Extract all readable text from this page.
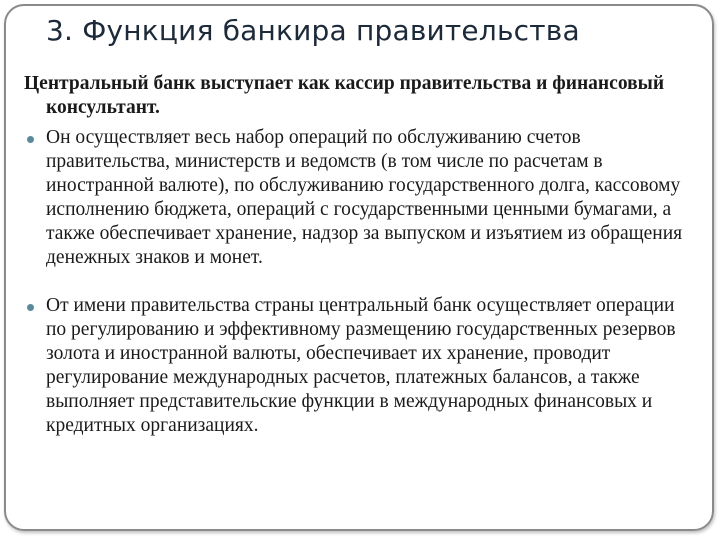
3. Функция банкира правительства

Центральный банк выступает как кассир правительства и финансовый консультант.

Он осуществляет весь набор операций по обслуживанию счетов правительства, министерств и ведомств (в том числе по расчетам в иностранной валюте), по обслуживанию государственного долга, кассовому исполнению бюджета, операций с государственными ценными бумагами, а также обеспечивает хранение, надзор за выпуском и изъятием из обращения денежных знаков и монет.
От имени правительства страны центральный банк осуществляет операции по регулированию и эффективному размещению государственных резервов золота и иностранной валюты, обеспечивает их хранение, проводит регулирование международных расчетов, платежных балансов, а также выполняет представительские функции в международных финансовых и кредитных организациях.
